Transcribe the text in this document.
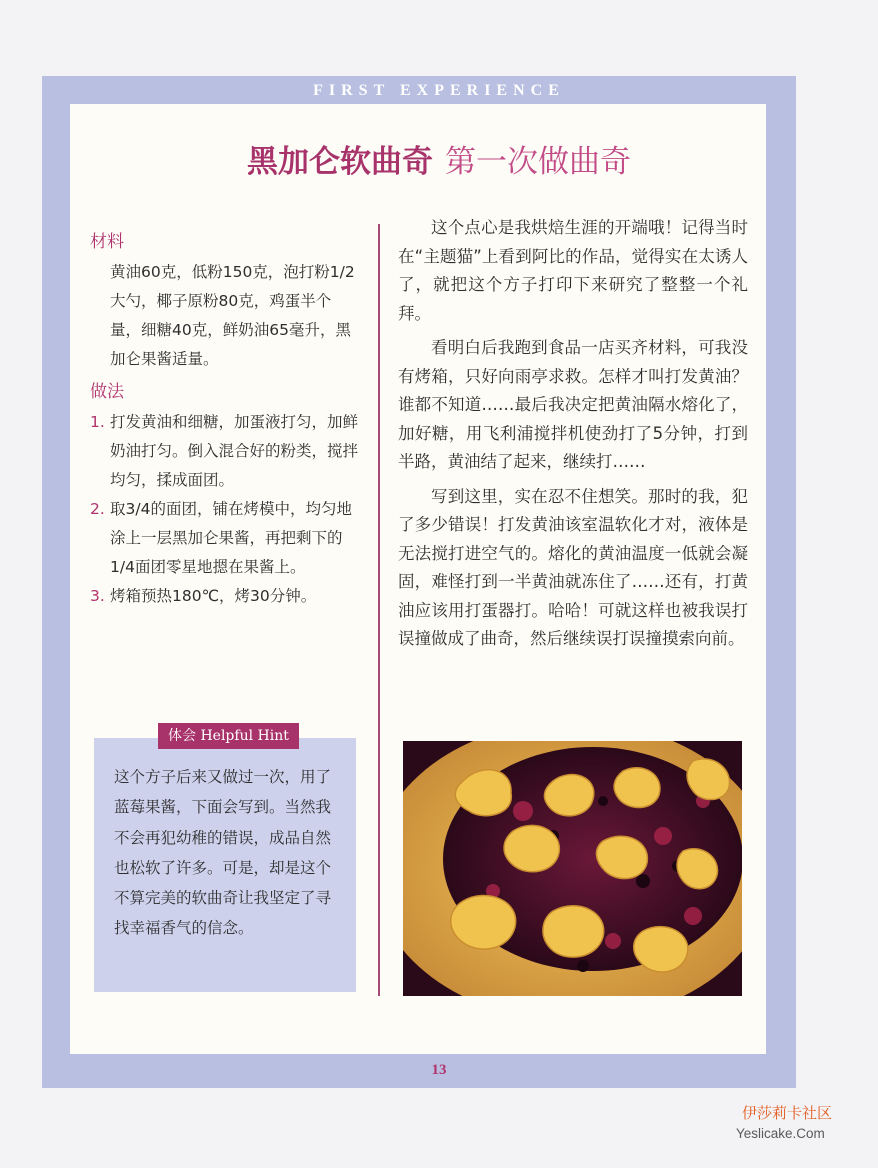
FIRST EXPERIENCE
黑加仑软曲奇 第一次做曲奇
材料
黄油60克，低粉150克，泡打粉1/2大勺，椰子原粉80克，鸡蛋半个量，细糖40克，鲜奶油65毫升，黑加仑果酱适量。
做法
1. 打发黄油和细糖，加蛋液打匀，加鲜奶油打匀。倒入混合好的粉类，搅拌均匀，揉成面团。
2. 取3/4的面团，铺在烤模中，均匀地涂上一层黑加仑果酱，再把剩下的1/4面团零星地摁在果酱上。
3. 烤箱预热180℃，烤30分钟。
体会 Helpful Hint
这个方子后来又做过一次，用了蓝莓果酱，下面会写到。当然我不会再犯幼稚的错误，成品自然也松软了许多。可是，却是这个不算完美的软曲奇让我坚定了寻找幸福香气的信念。

这个点心是我烘焙生涯的开端哦！记得当时在“主题猫”上看到阿比的作品，觉得实在太诱人了，就把这个方子打印下来研究了整整一个礼拜。

看明白后我跑到食品一店买齐材料，可我没有烤箱，只好向雨亭求救。怎样才叫打发黄油？谁都不知道……最后我决定把黄油隔水熔化了，加好糖，用飞利浦搅拌机使劲打了5分钟，打到半路，黄油结了起来，继续打……

写到这里，实在忍不住想笑。那时的我，犯了多少错误！打发黄油该室温软化才对，液体是无法搅打进空气的。熔化的黄油温度一低就会凝固，难怪打到一半黄油就冻住了……还有，打黄油应该用打蛋器打。哈哈！可就这样也被我误打误撞做成了曲奇，然后继续误打误撞摸索向前。

13
伊莎莉卡社区
Yeslicake.Com
